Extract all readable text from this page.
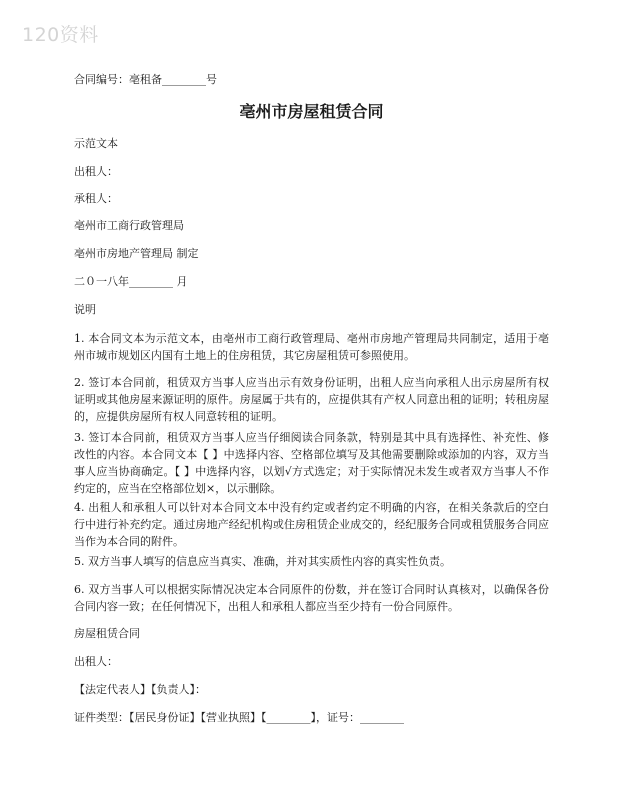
120资料
合同编号：亳租备________号
亳州市房屋租赁合同
示范文本
出租人：
承租人：
亳州市工商行政管理局
亳州市房地产管理局 制定
二０一八年________ 月
说明
1. 本合同文本为示范文本，由亳州市工商行政管理局、亳州市房地产管理局共同制定，适用于亳州市城市规划区内国有土地上的住房租赁，其它房屋租赁可参照使用。
2. 签订本合同前，租赁双方当事人应当出示有效身份证明，出租人应当向承租人出示房屋所有权证明或其他房屋来源证明的原件。房屋属于共有的，应提供其有产权人同意出租的证明；转租房屋的，应提供房屋所有权人同意转租的证明。
3. 签订本合同前，租赁双方当事人应当仔细阅读合同条款，特别是其中具有选择性、补充性、修改性的内容。本合同文本【 】中选择内容、空格部位填写及其他需要删除或添加的内容，双方当事人应当协商确定。【 】中选择内容，以划√方式选定；对于实际情况未发生或者双方当事人不作约定的，应当在空格部位划×，以示删除。
4. 出租人和承租人可以针对本合同文本中没有约定或者约定不明确的内容，在相关条款后的空白行中进行补充约定。通过房地产经纪机构或住房租赁企业成交的，经纪服务合同或租赁服务合同应当作为本合同的附件。
5. 双方当事人填写的信息应当真实、准确，并对其实质性内容的真实性负责。
6. 双方当事人可以根据实际情况决定本合同原件的份数，并在签订合同时认真核对，以确保各份合同内容一致；在任何情况下，出租人和承租人都应当至少持有一份合同原件。
房屋租赁合同
出租人：
【法定代表人】【负责人】：
证件类型：【居民身份证】【营业执照】【________】，证号：________
